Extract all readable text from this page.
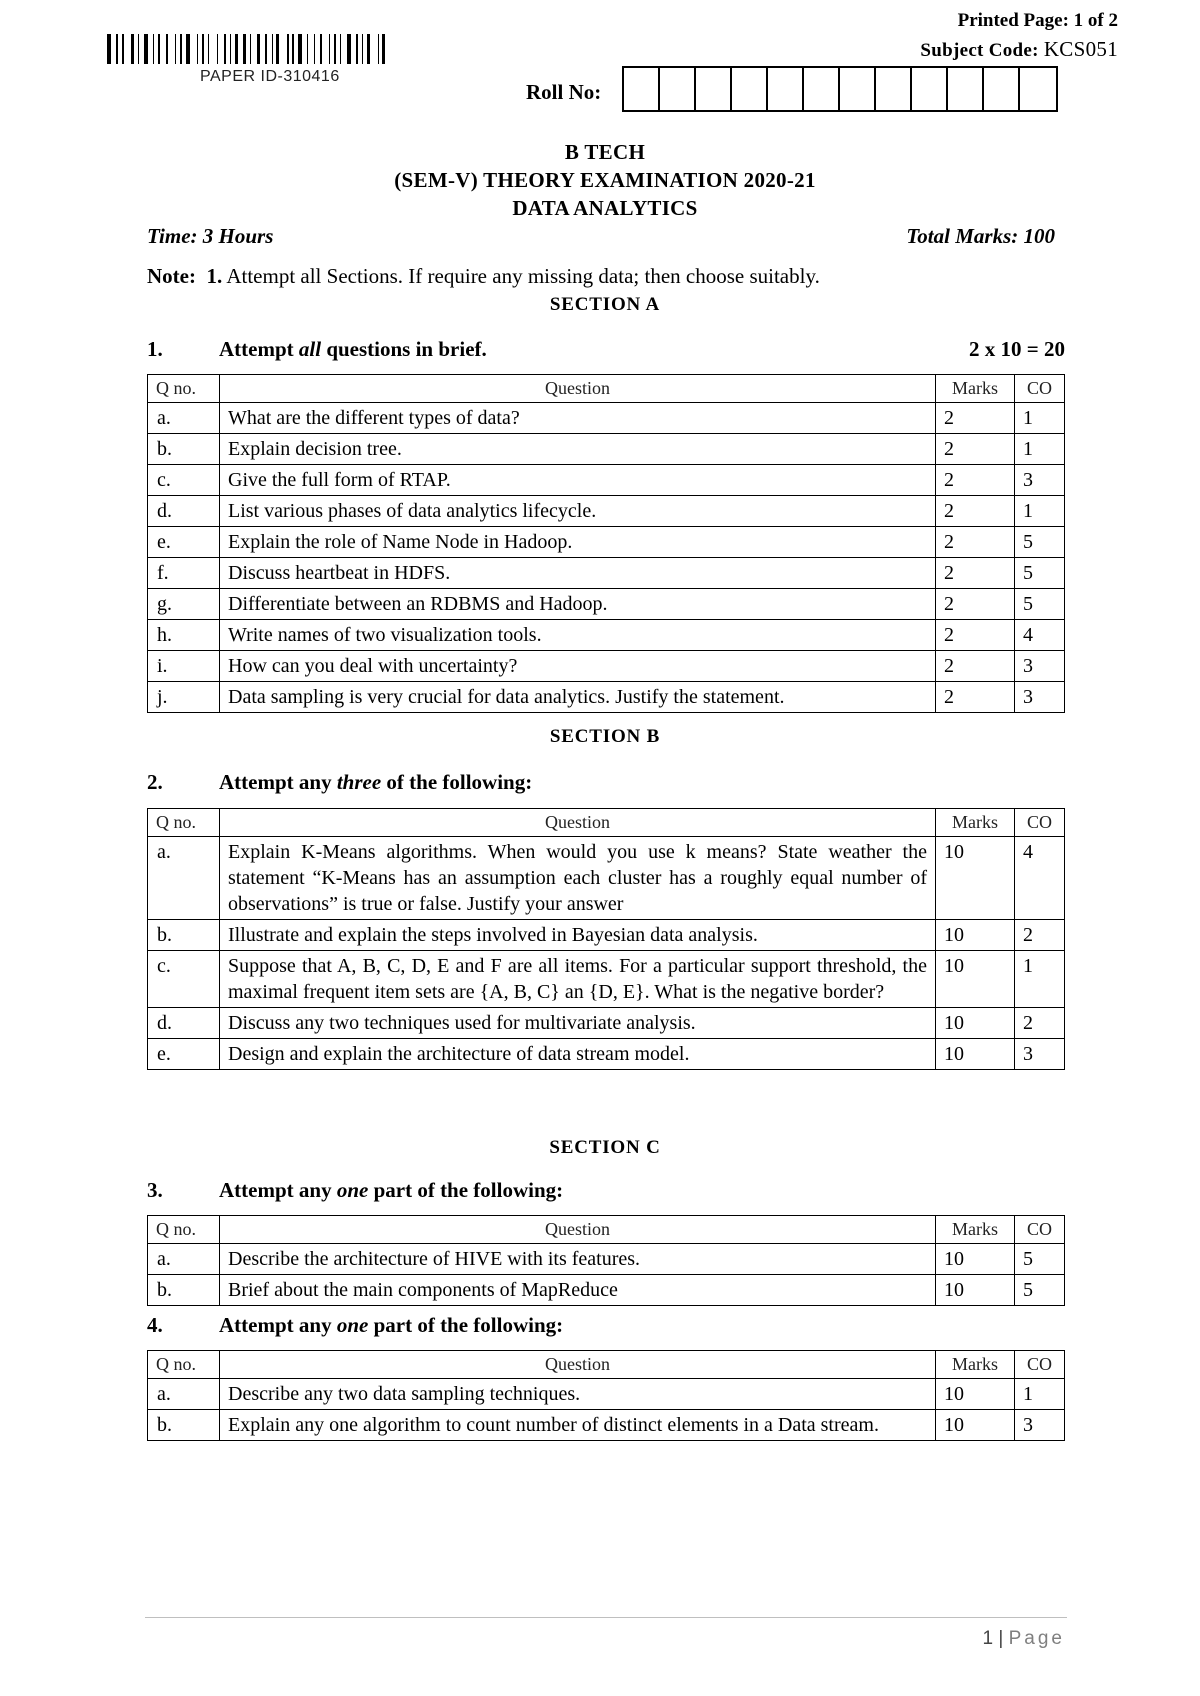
PAPER ID-310416
Printed Page: 1 of 2
Subject Code: KCS051
Roll No:
B TECH
(SEM-V) THEORY EXAMINATION 2020-21
DATA ANALYTICS
Time: 3 Hours	Total Marks: 100
Note: 1. Attempt all Sections. If require any missing data; then choose suitably.
SECTION A
1.	Attempt all questions in brief.	2 x 10 = 20
Q no.	Question	Marks	CO
a.	What are the different types of data?	2	1
b.	Explain decision tree.	2	1
c.	Give the full form of RTAP.	2	3
d.	List various phases of data analytics lifecycle.	2	1
e.	Explain the role of Name Node in Hadoop.	2	5
f.	Discuss heartbeat in HDFS.	2	5
g.	Differentiate between an RDBMS and Hadoop.	2	5
h.	Write names of two visualization tools.	2	4
i.	How can you deal with uncertainty?	2	3
j.	Data sampling is very crucial for data analytics. Justify the statement.	2	3
SECTION B
2.	Attempt any three of the following:
Q no.	Question	Marks	CO
a.	Explain K-Means algorithms. When would you use k means? State weather the statement “K-Means has an assumption each cluster has a roughly equal number of observations” is true or false. Justify your answer	10	4
b.	Illustrate and explain the steps involved in Bayesian data analysis.	10	2
c.	Suppose that A, B, C, D, E and F are all items. For a particular support threshold, the maximal frequent item sets are {A, B, C} an {D, E}. What is the negative border?	10	1
d.	Discuss any two techniques used for multivariate analysis.	10	2
e.	Design and explain the architecture of data stream model.	10	3
SECTION C
3.	Attempt any one part of the following:
Q no.	Question	Marks	CO
a.	Describe the architecture of HIVE with its features.	10	5
b.	Brief about the main components of MapReduce	10	5
4.	Attempt any one part of the following:
Q no.	Question	Marks	CO
a.	Describe any two data sampling techniques.	10	1
b.	Explain any one algorithm to count number of distinct elements in a Data stream.	10	3
1 | Page
